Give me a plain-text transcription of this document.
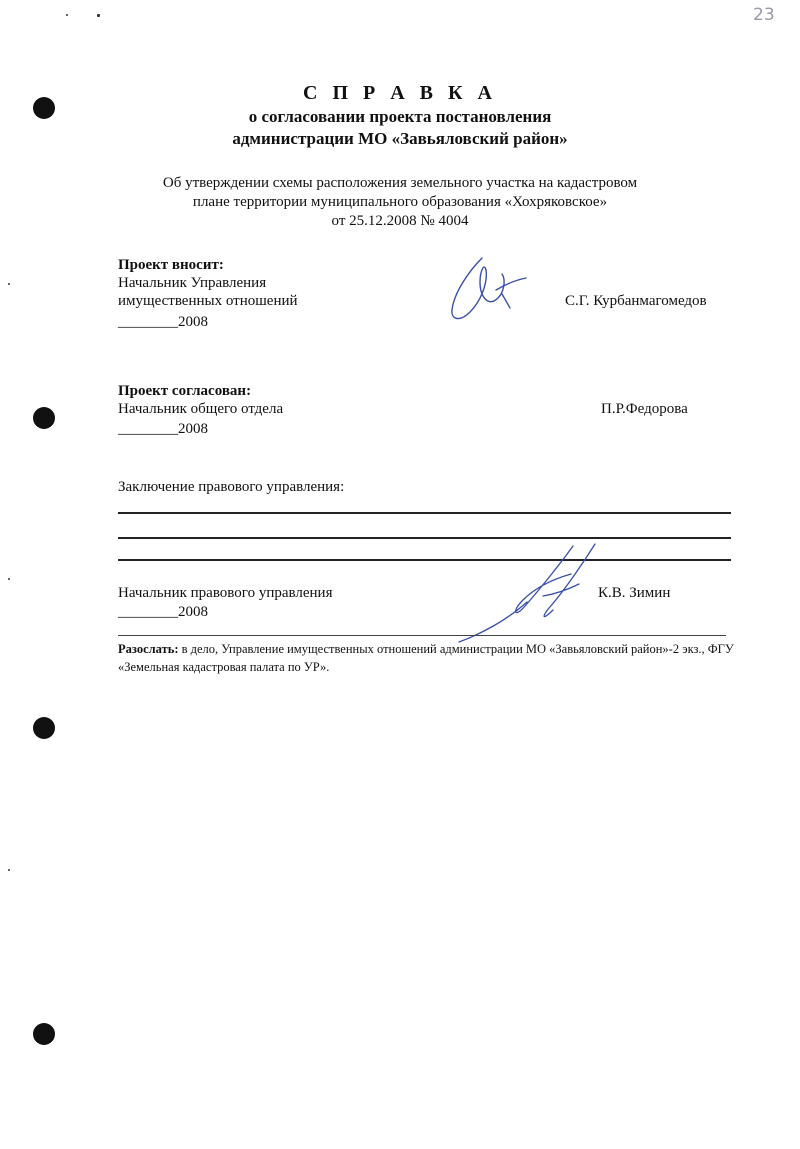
23
С П Р А В К А
о согласовании проекта постановления
администрации МО «Завьяловский район»
Об утверждении схемы расположения земельного участка на кадастровом
плане территории муниципального образования «Хохряковское»
от 25.12.2008 № 4004
Проект вносит:
Начальник Управления
имущественных отношений
________2008
С.Г. Курбанмагомедов
Проект согласован:
Начальник общего отдела
________2008
П.Р.Федорова
Заключение правового управления:
Начальник правового управления
________2008
К.В. Зимин
Разослать: в дело, Управление имущественных отношений администрации МО «Завьяловский район»-2 экз., ФГУ «Земельная кадастровая палата по УР».
